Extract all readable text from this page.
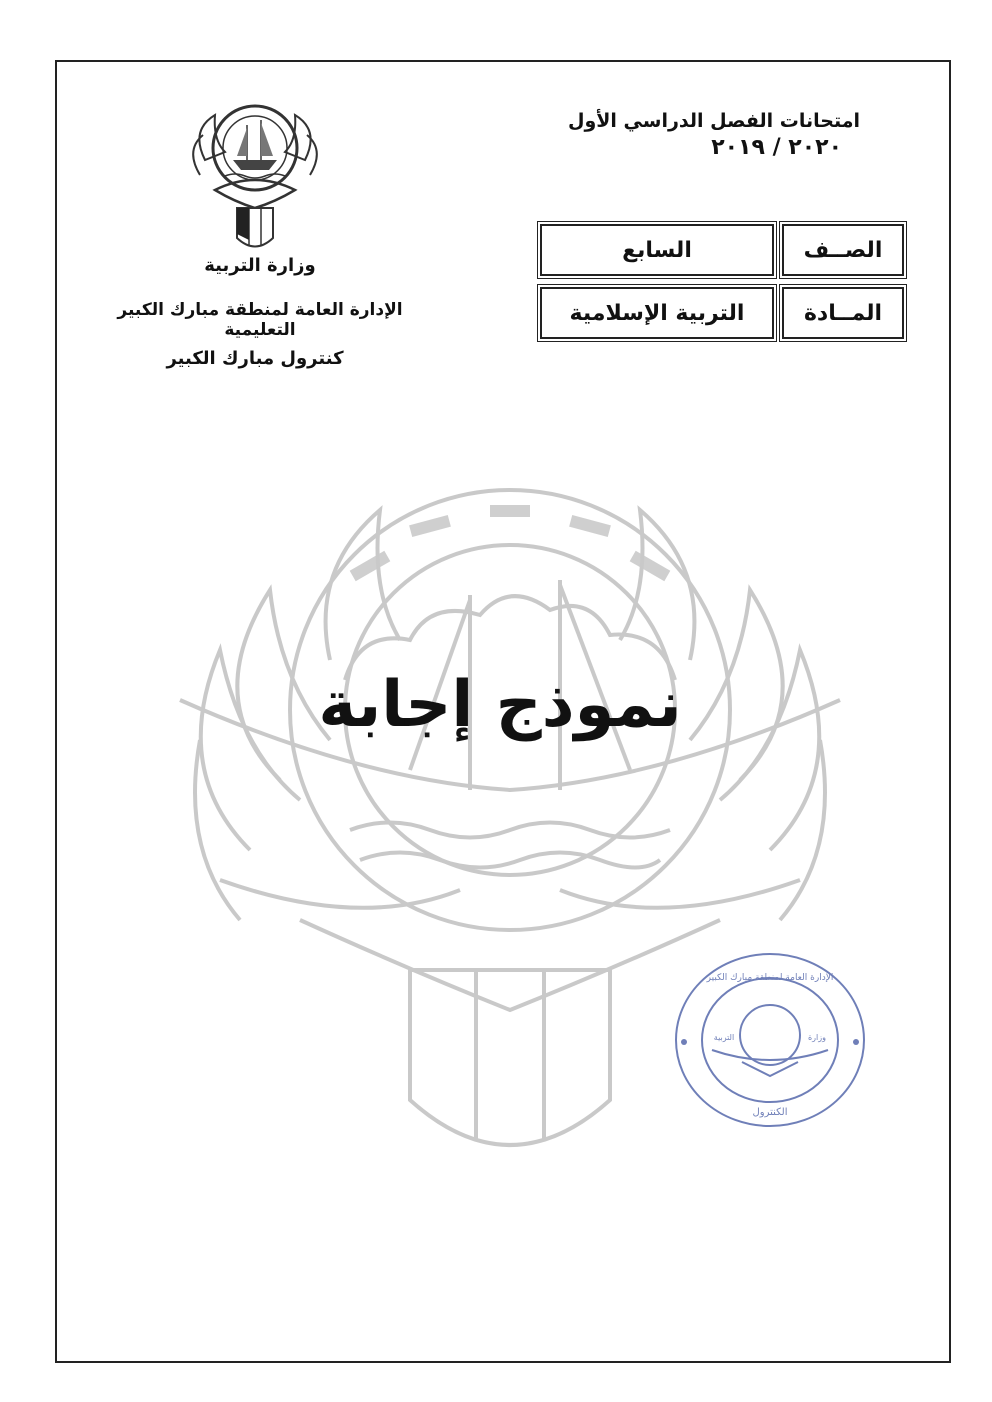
امتحانات الفصل الدراسي الأول
٢٠٢٠ / ٢٠١٩
الصــف
السابع
المــادة
التربية الإسلامية
وزارة التربية
الإدارة العامة لمنطقة مبارك الكبير التعليمية
كنترول مبارك الكبير
نموذج إجابة
الإدارة العامة لمنطقة مبارك الكبير
الكنترول
وزارة
التربية
